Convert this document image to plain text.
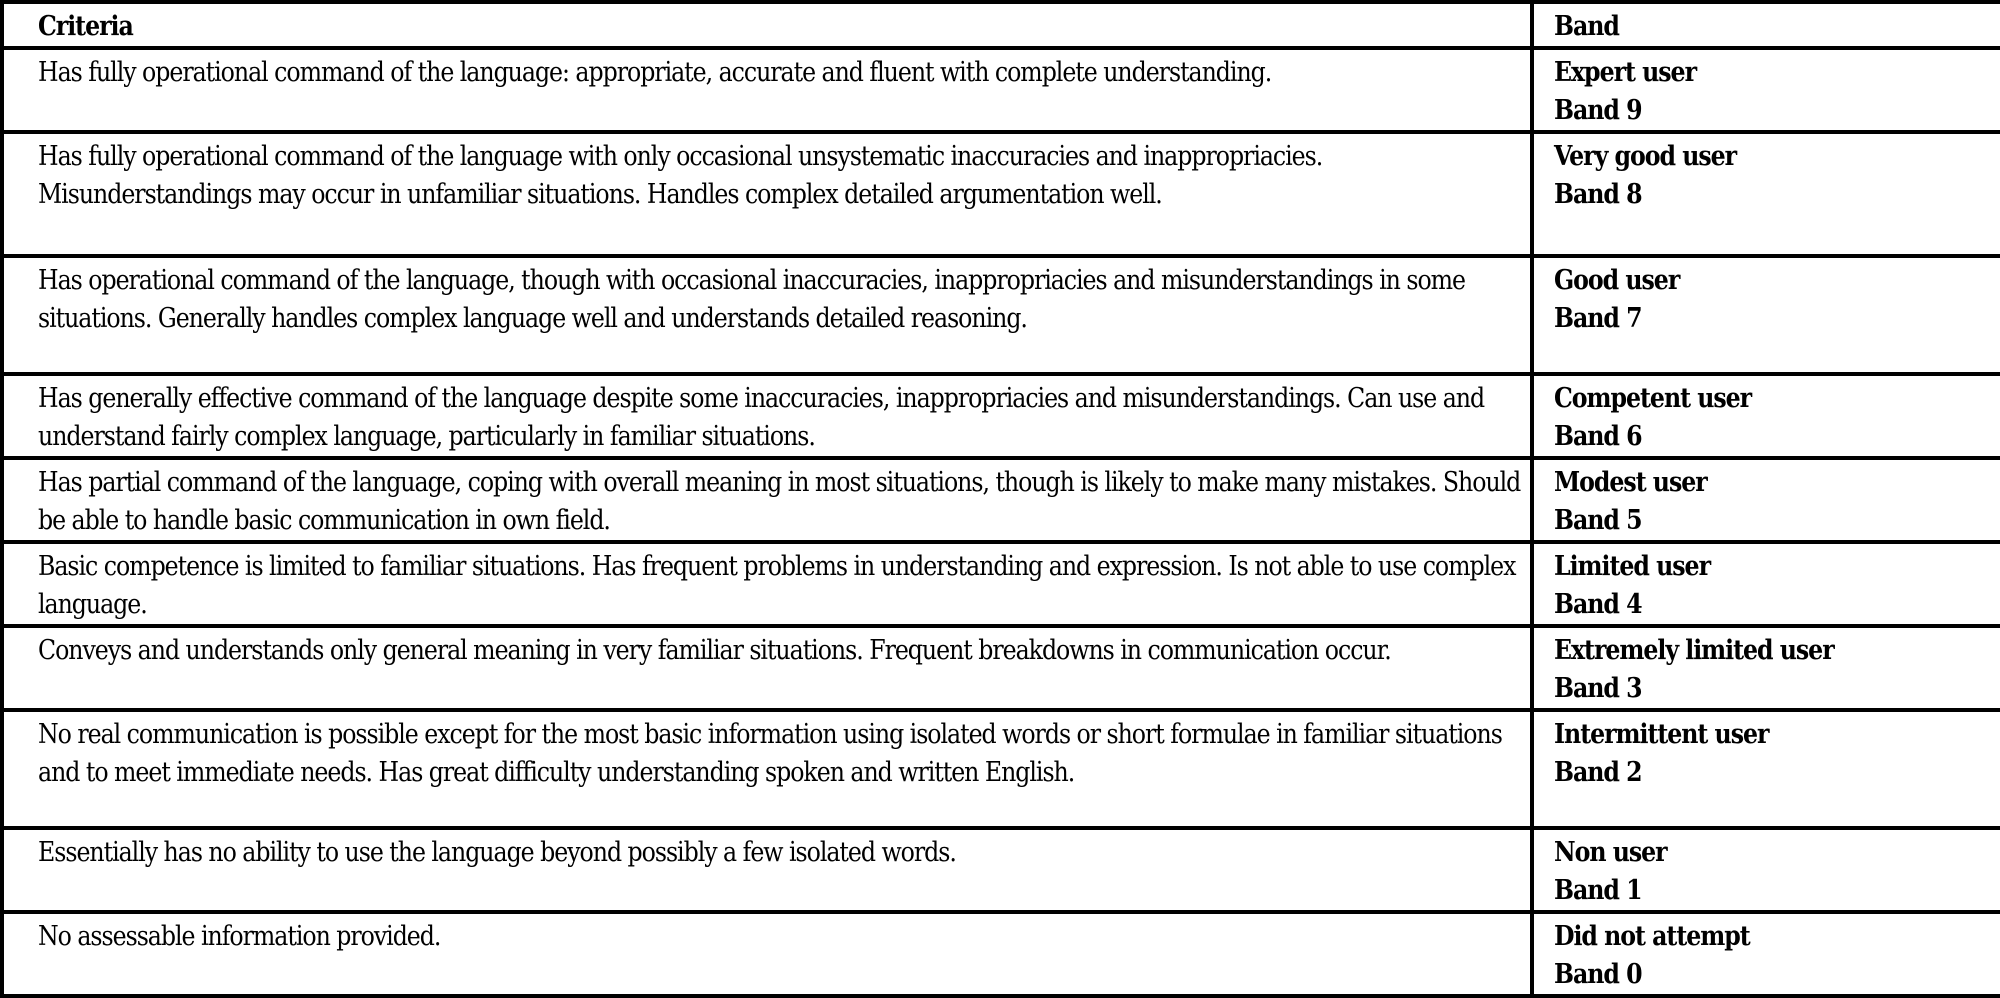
Criteria	Band
Has fully operational command of the language: appropriate, accurate and fluent with complete understanding.	Expert user
Band 9

Has fully operational command of the language with only occasional unsystematic inaccuracies and inappropriacies. Misunderstandings may occur in unfamiliar situations. Handles complex detailed argumentation well.	Very good user
Band 8

Has operational command of the language, though with occasional inaccuracies, inappropriacies and misunderstandings in some situations. Generally handles complex language well and understands detailed reasoning.	Good user
Band 7

Has generally effective command of the language despite some inaccuracies, inappropriacies and misunderstandings. Can use and understand fairly complex language, particularly in familiar situations.	Competent user
Band 6

Has partial command of the language, coping with overall meaning in most situations, though is likely to make many mistakes. Should be able to handle basic communication in own field.	Modest user
Band 5

Basic competence is limited to familiar situations. Has frequent problems in understanding and expression. Is not able to use complex language.	Limited user
Band 4

Conveys and understands only general meaning in very familiar situations. Frequent breakdowns in communication occur.	Extremely limited user
Band 3

No real communication is possible except for the most basic information using isolated words or short formulae in familiar situations and to meet immediate needs. Has great difficulty understanding spoken and written English.	Intermittent user
Band 2

Essentially has no ability to use the language beyond possibly a few isolated words.	Non user
Band 1

No assessable information provided.	Did not attempt
Band 0
